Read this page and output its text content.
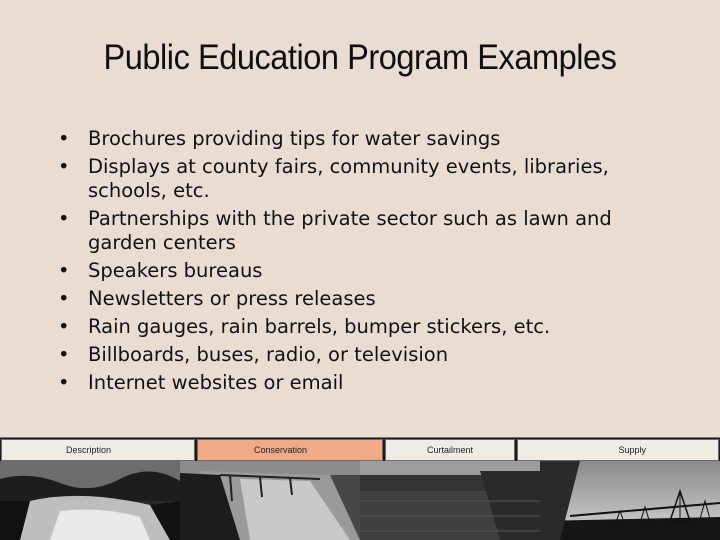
Public Education Program Examples
• Brochures providing tips for water savings
• Displays at county fairs, community events, libraries, schools, etc.
• Partnerships with the private sector such as lawn and garden centers
• Speakers bureaus
• Newsletters or press releases
• Rain gauges, rain barrels, bumper stickers, etc.
• Billboards, buses, radio, or television
• Internet websites or email
Description	Conservation	Curtailment	Supply
